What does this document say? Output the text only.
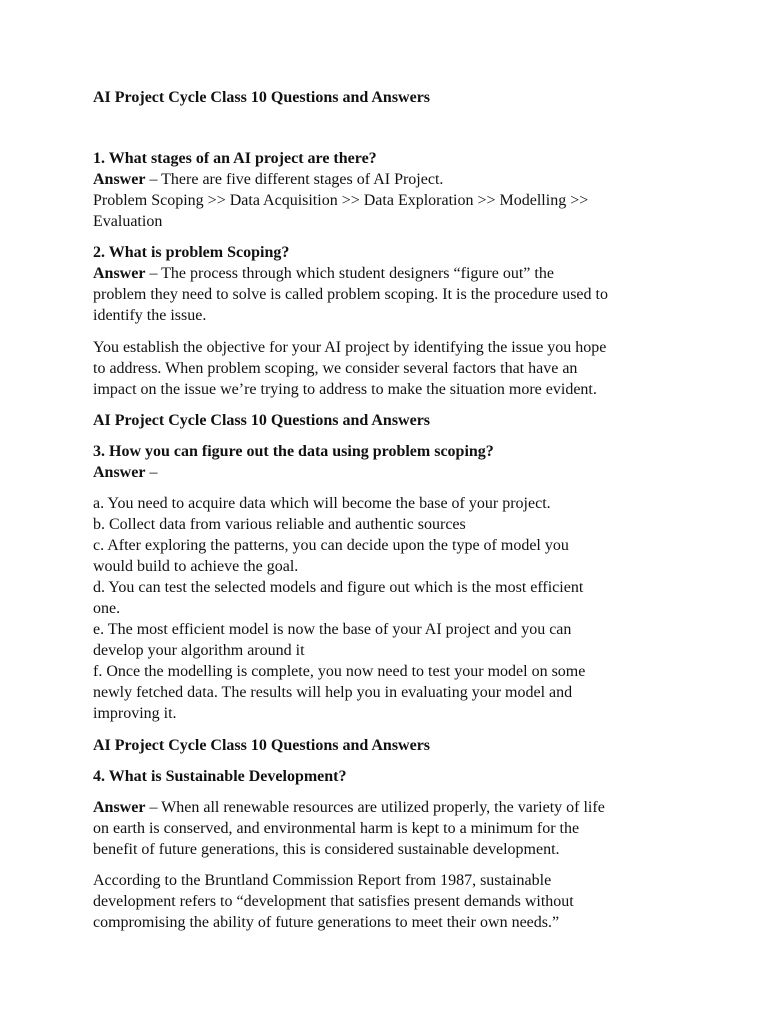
AI Project Cycle Class 10 Questions and Answers
1. What stages of an AI project are there?
Answer – There are five different stages of AI Project.
Problem Scoping >> Data Acquisition >> Data Exploration >> Modelling >>
Evaluation
2. What is problem Scoping?
Answer – The process through which student designers “figure out” the
problem they need to solve is called problem scoping. It is the procedure used to
identify the issue.
You establish the objective for your AI project by identifying the issue you hope
to address. When problem scoping, we consider several factors that have an
impact on the issue we’re trying to address to make the situation more evident.
AI Project Cycle Class 10 Questions and Answers
3. How you can figure out the data using problem scoping?
Answer –
a. You need to acquire data which will become the base of your project.
b. Collect data from various reliable and authentic sources
c. After exploring the patterns, you can decide upon the type of model you
would build to achieve the goal.
d. You can test the selected models and figure out which is the most efficient
one.
e. The most efficient model is now the base of your AI project and you can
develop your algorithm around it
f. Once the modelling is complete, you now need to test your model on some
newly fetched data. The results will help you in evaluating your model and
improving it.
AI Project Cycle Class 10 Questions and Answers
4. What is Sustainable Development?
Answer – When all renewable resources are utilized properly, the variety of life
on earth is conserved, and environmental harm is kept to a minimum for the
benefit of future generations, this is considered sustainable development.
According to the Bruntland Commission Report from 1987, sustainable
development refers to “development that satisfies present demands without
compromising the ability of future generations to meet their own needs.”
